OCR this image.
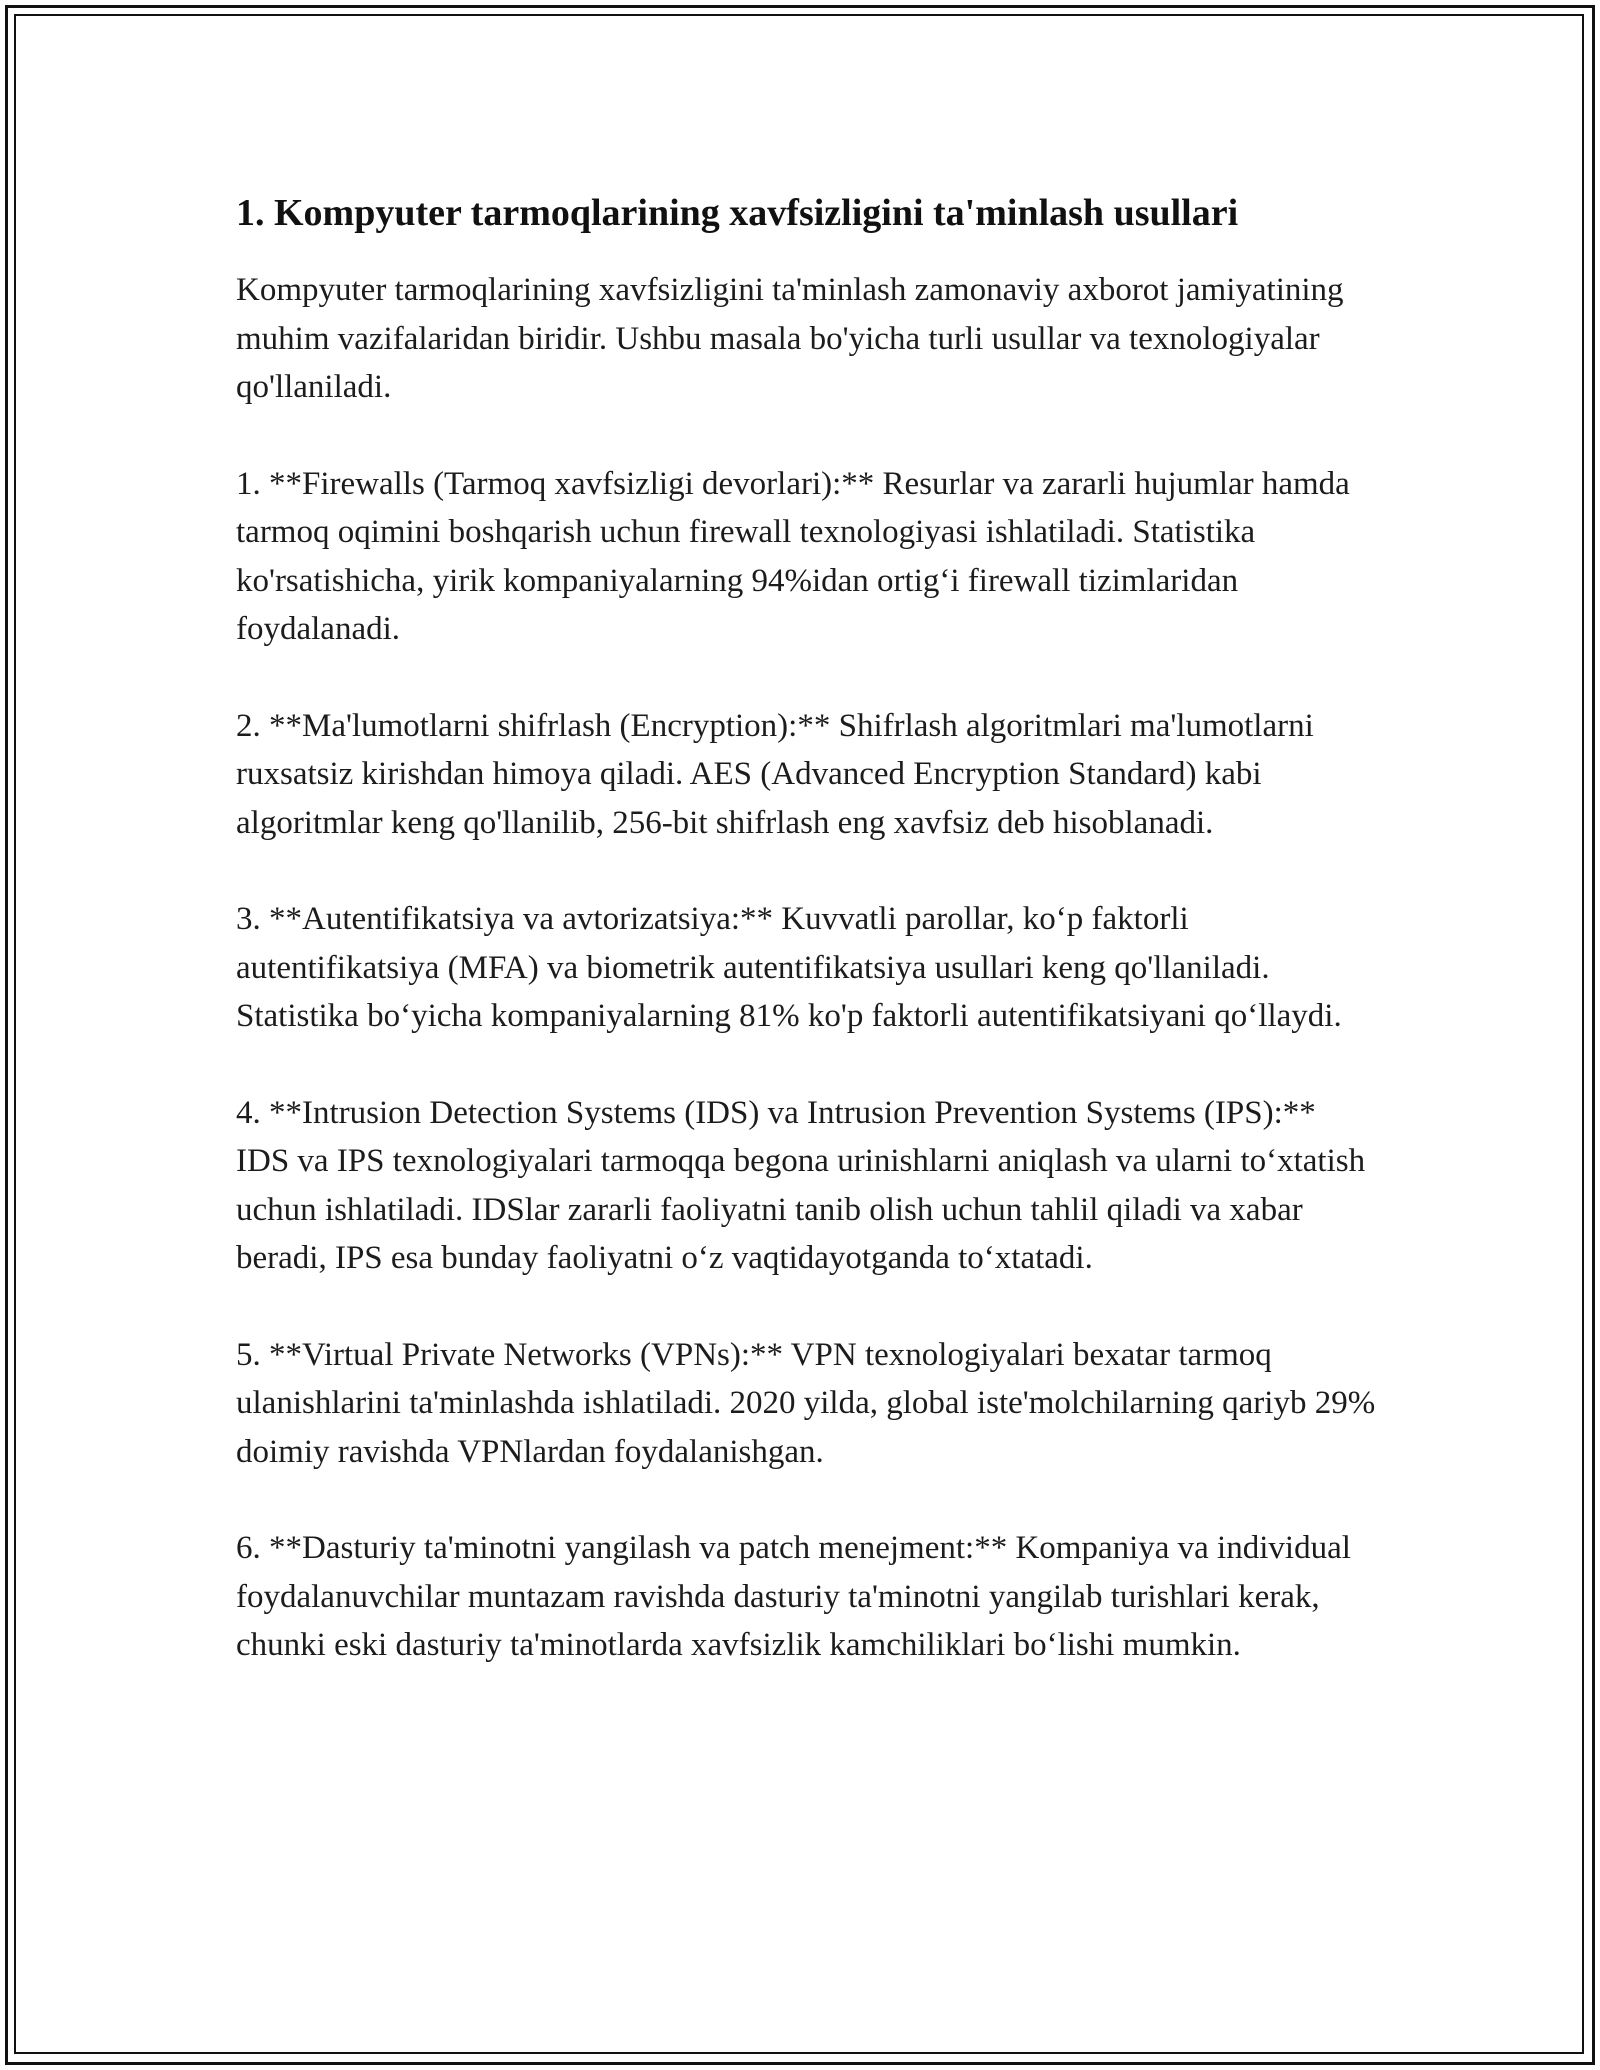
1. Kompyuter tarmoqlarining xavfsizligini ta'minlash usullari

Kompyuter tarmoqlarining xavfsizligini ta'minlash zamonaviy axborot jamiyatining muhim vazifalaridan biridir. Ushbu masala bo'yicha turli usullar va texnologiyalar qo'llaniladi.

1. **Firewalls (Tarmoq xavfsizligi devorlari):** Resurlar va zararli hujumlar hamda tarmoq oqimini boshqarish uchun firewall texnologiyasi ishlatiladi. Statistika ko'rsatishicha, yirik kompaniyalarning 94%idan ortig‘i firewall tizimlaridan foydalanadi.

2. **Ma'lumotlarni shifrlash (Encryption):** Shifrlash algoritmlari ma'lumotlarni ruxsatsiz kirishdan himoya qiladi. AES (Advanced Encryption Standard) kabi algoritmlar keng qo'llanilib, 256-bit shifrlash eng xavfsiz deb hisoblanadi.

3. **Autentifikatsiya va avtorizatsiya:** Kuvvatli parollar, ko‘p faktorli autentifikatsiya (MFA) va biometrik autentifikatsiya usullari keng qo'llaniladi. Statistika bo‘yicha kompaniyalarning 81% ko'p faktorli autentifikatsiyani qo‘llaydi.

4. **Intrusion Detection Systems (IDS) va Intrusion Prevention Systems (IPS):** IDS va IPS texnologiyalari tarmoqqa begona urinishlarni aniqlash va ularni to‘xtatish uchun ishlatiladi. IDSlar zararli faoliyatni tanib olish uchun tahlil qiladi va xabar beradi, IPS esa bunday faoliyatni o‘z vaqtidayotganda to‘xtatadi.

5. **Virtual Private Networks (VPNs):** VPN texnologiyalari bexatar tarmoq ulanishlarini ta'minlashda ishlatiladi. 2020 yilda, global iste'molchilarning qariyb 29% doimiy ravishda VPNlardan foydalanishgan.

6. **Dasturiy ta'minotni yangilash va patch menejment:** Kompaniya va individual foydalanuvchilar muntazam ravishda dasturiy ta'minotni yangilab turishlari kerak, chunki eski dasturiy ta'minotlarda xavfsizlik kamchiliklari bo‘lishi mumkin.
